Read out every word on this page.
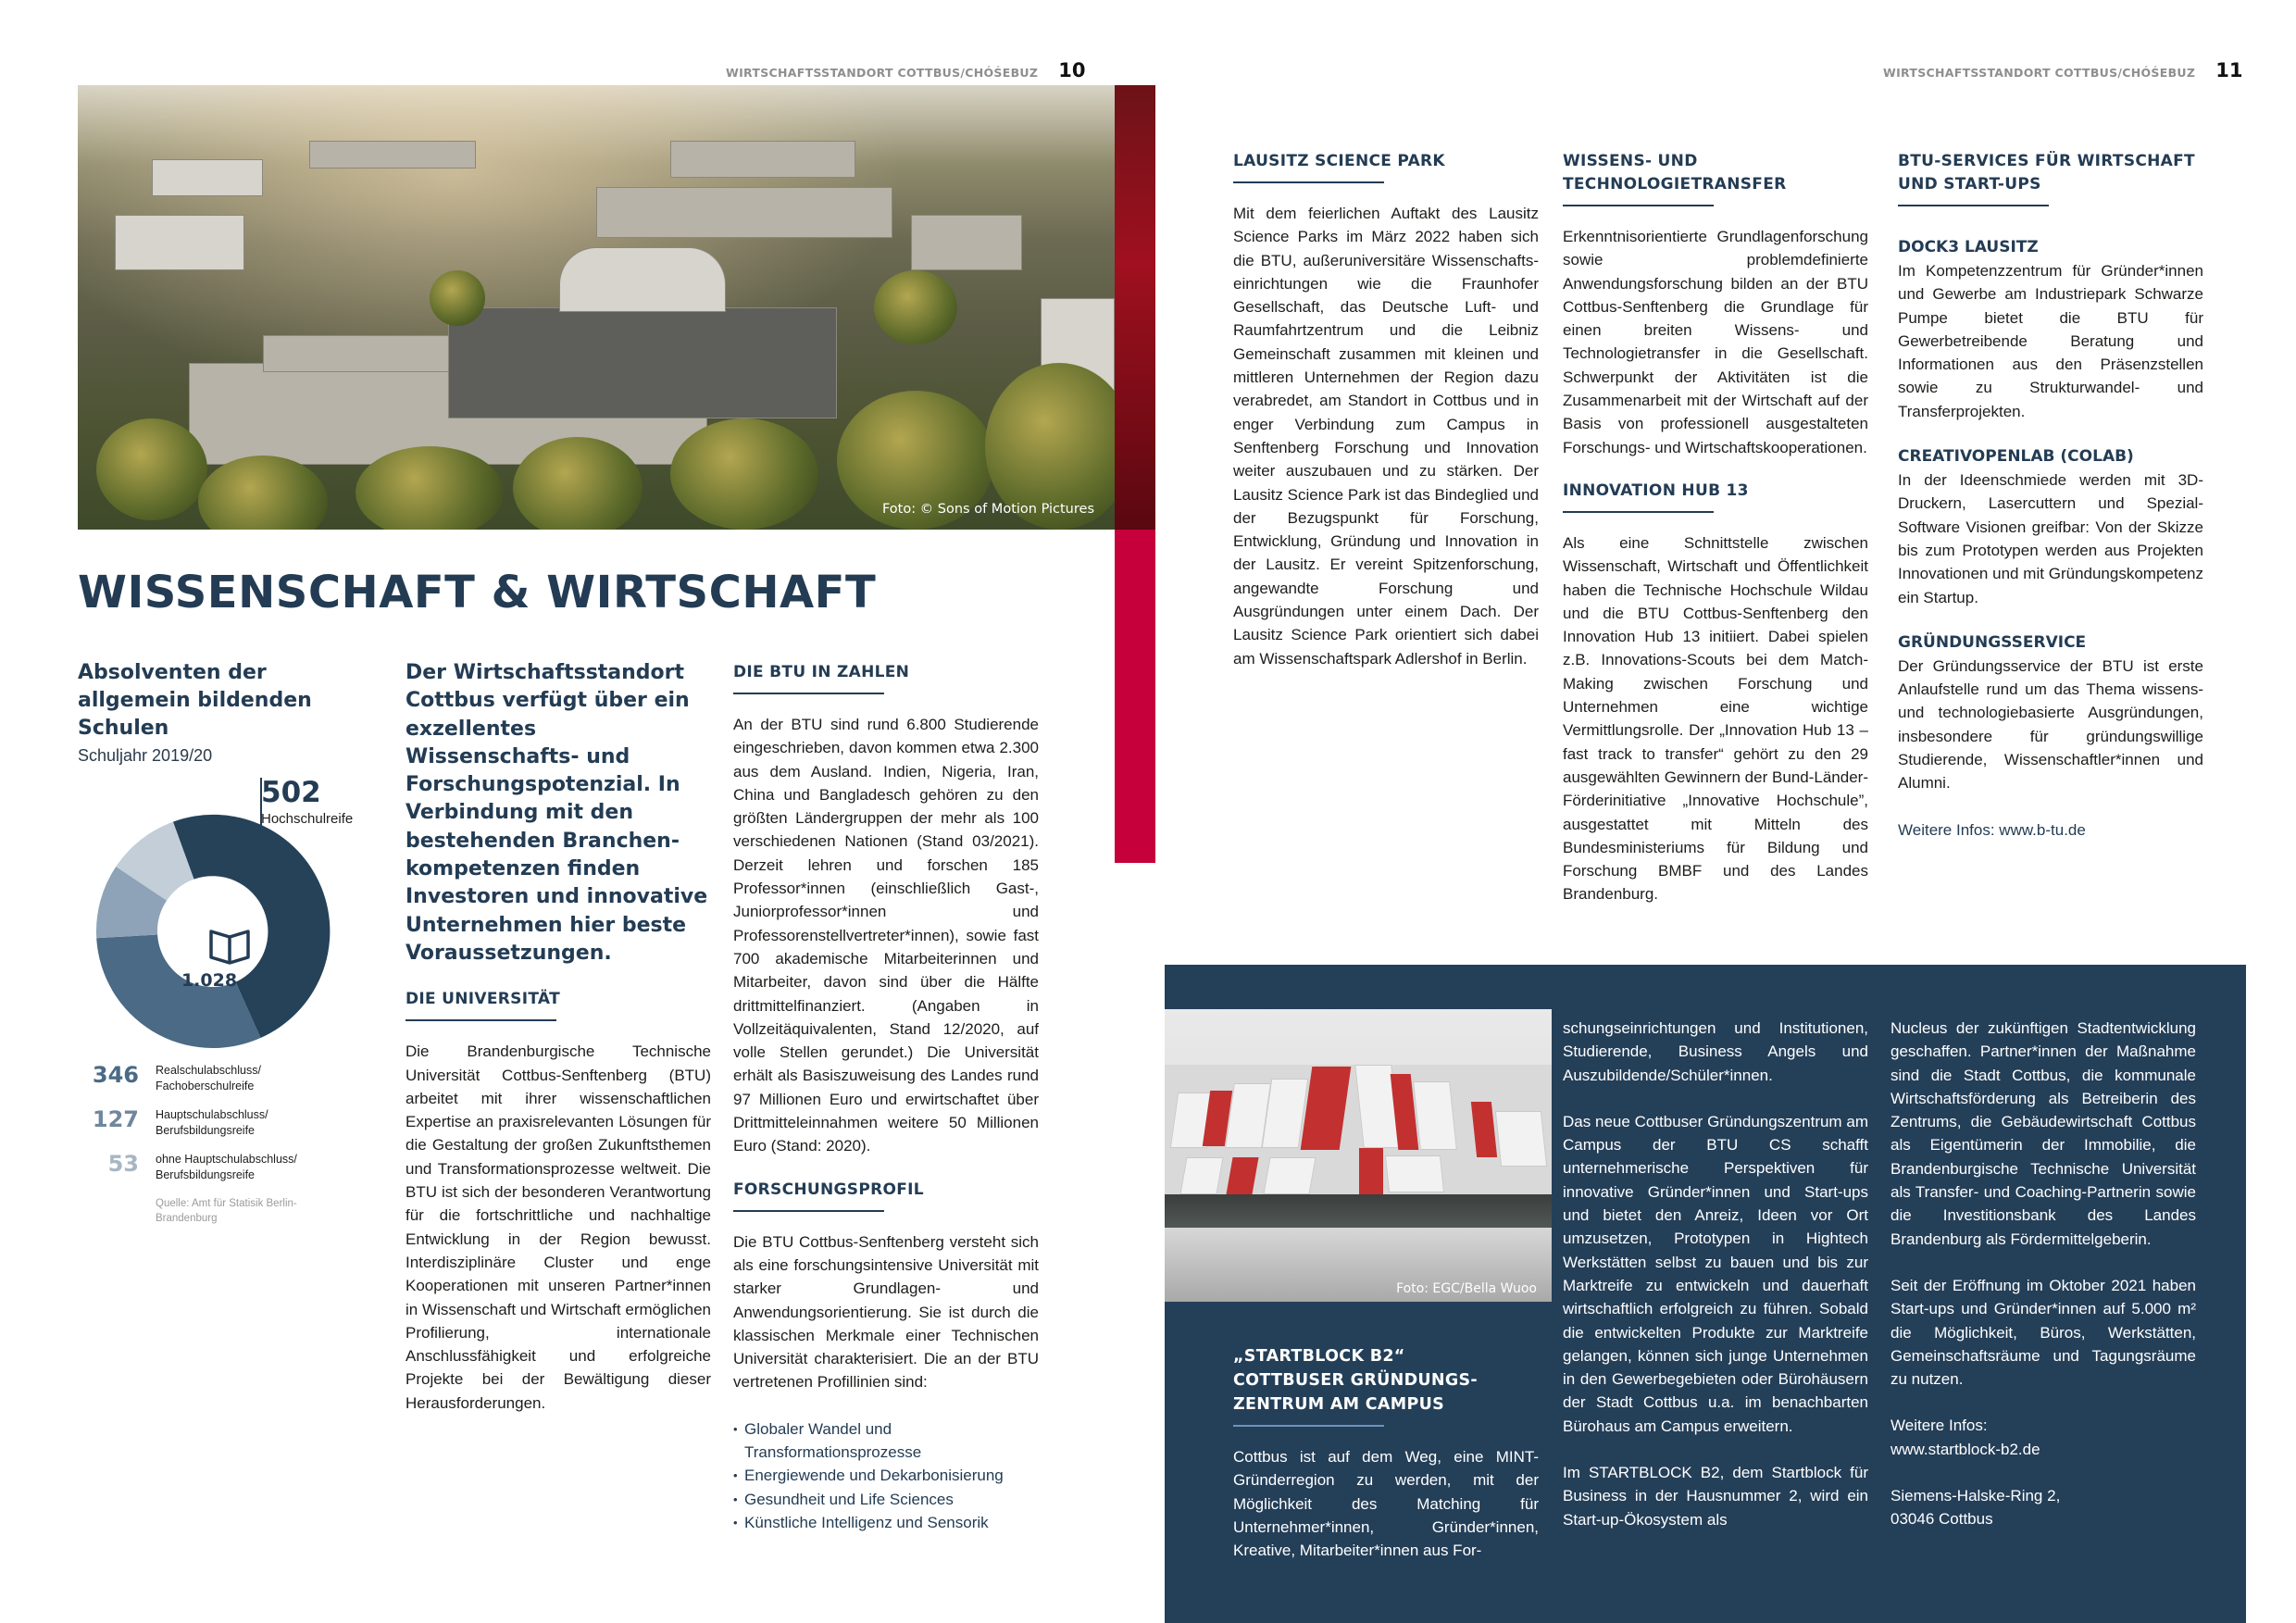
WIRTSCHAFTSSTANDORT COTTBUS/CHÓŚEBUZ 10
Foto: © Sons of Motion Pictures
WISSENSCHAFT & WIRTSCHAFT
Absolventen der allgemein bildenden Schulen
Schuljahr 2019/20
502
Hochschulreife
1.028
346	Realschulabschluss/
Fachoberschulreife
127	Hauptschulabschluss/
Berufsbildungsreife
53	ohne Hauptschulabschluss/
Berufsbildungsreife
Quelle: Amt für Statisik Berlin-
Brandenburg

Der Wirtschaftsstandort Cottbus verfügt über ein exzellentes Wissenschafts- und Forschungspotenzial. In Verbindung mit den bestehenden Branchenkompetenzen finden Investoren und innovative Unternehmen hier beste Voraussetzungen.

DIE UNIVERSITÄT

Die Brandenburgische Technische Universität Cottbus-Senftenberg (BTU) arbeitet mit ihrer wissenschaftlichen Expertise an praxisrelevanten Lösungen für die Gestaltung der großen Zukunftsthemen und Transformationsprozesse weltweit. Die BTU ist sich der besonderen Verantwortung für die fortschrittliche und nachhaltige Entwicklung in der Region bewusst. Interdisziplinäre Cluster und enge Kooperationen mit unseren Partner*innen in Wissenschaft und Wirtschaft ermöglichen Profilierung, internationale Anschlussfähigkeit und erfolgreiche Projekte bei der Bewältigung dieser Herausforderungen.

DIE BTU IN ZAHLEN

An der BTU sind rund 6.800 Studierende eingeschrieben, davon kommen etwa 2.300 aus dem Ausland. Indien, Nigeria, Iran, China und Bangladesch gehören zu den größten Ländergruppen der mehr als 100 verschiedenen Nationen (Stand 03/2021). Derzeit lehren und forschen 185 Professor*innen (einschließlich Gast-, Juniorprofessor*innen und Professorenstellvertreter*innen), sowie fast 700 akademische Mitarbeiterinnen und Mitarbeiter, davon sind über die Hälfte drittmittelfinanziert. (Angaben in Vollzeitäquivalenten, Stand 12/2020, auf volle Stellen gerundet.) Die Universität erhält als Basiszuweisung des Landes rund 97 Millionen Euro und erwirtschaftet über Drittmitteleinnahmen weitere 50 Millionen Euro (Stand: 2020).

FORSCHUNGSPROFIL

Die BTU Cottbus-Senftenberg versteht sich als eine forschungsintensive Universität mit starker Grundlagen- und Anwendungsorientierung. Sie ist durch die klassischen Merkmale einer Technischen Universität charakterisiert. Die an der BTU vertretenen Profillinien sind:

• Globaler Wandel und Transformationsprozesse
• Energiewende und Dekarbonisierung
• Gesundheit und Life Sciences
• Künstliche Intelligenz und Sensorik
WIRTSCHAFTSSTANDORT COTTBUS/CHÓŚEBUZ 11
LAUSITZ SCIENCE PARK

Mit dem feierlichen Auftakt des Lausitz Science Parks im März 2022 haben sich die BTU, außeruniversitäre Wissenschafts-einrichtungen wie die Fraunhofer Gesellschaft, das Deutsche Luft- und Raumfahrtzentrum und die Leibniz Gemeinschaft zusammen mit kleinen und mittleren Unternehmen der Region dazu verabredet, am Standort in Cottbus und in enger Verbindung zum Campus in Senftenberg Forschung und Innovation weiter auszubauen und zu stärken. Der Lausitz Science Park ist das Bindeglied und der Bezugspunkt für Forschung, Entwicklung, Gründung und Innovation in der Lausitz. Er vereint Spitzenforschung, angewandte Forschung und Ausgründungen unter einem Dach. Der Lausitz Science Park orientiert sich dabei am Wissenschaftspark Adlershof in Berlin.

WISSENS- UND
TECHNOLOGIETRANSFER

Erkenntnisorientierte Grundlagenforschung sowie problemdefinierte Anwendungsforschung bilden an der BTU Cottbus-Senftenberg die Grundlage für einen breiten Wissens- und Technologietransfer in die Gesellschaft. Schwerpunkt der Aktivitäten ist die Zusammenarbeit mit der Wirtschaft auf der Basis von professionell ausgestalteten Forschungs- und Wirtschaftskooperationen.

INNOVATION HUB 13

Als eine Schnittstelle zwischen Wissenschaft, Wirtschaft und Öffentlichkeit haben die Technische Hochschule Wildau und die BTU Cottbus-Senftenberg den Innovation Hub 13 initiiert. Dabei spielen z.B. Innovations-Scouts bei dem Match-Making zwischen Forschung und Unternehmen eine wichtige Vermittlungsrolle. Der „Innovation Hub 13 – fast track to transfer“ gehört zu den 29 ausgewählten Gewinnern der Bund-Länder-Förderinitiative „Innovative Hochschule”, ausgestattet mit Mitteln des Bundesministeriums für Bildung und Forschung BMBF und des Landes Brandenburg.

BTU-SERVICES FÜR WIRTSCHAFT
UND START-UPS
DOCK3 LAUSITZ

Im Kompetenzzentrum für Gründer*innen und Gewerbe am Industriepark Schwarze Pumpe bietet die BTU für Gewerbetreibende Beratung und Informationen aus den Präsenzstellen sowie zu Strukturwandel- und Transferprojekten.

CREATIVOPENLAB (COLAB)

In der Ideenschmiede werden mit 3D-Druckern, Lasercuttern und Spezial-Software Visionen greifbar: Von der Skizze bis zum Prototypen werden aus Projekten Innovationen und mit Gründungskompetenz ein Startup.

GRÜNDUNGSSERVICE

Der Gründungsservice der BTU ist erste Anlaufstelle rund um das Thema wissens- und technologiebasierte Ausgründungen, insbesondere für gründungswillige Studierende, Wissenschaftler*innen und Alumni.

Weitere Infos: www.b-tu.de

Foto: EGC/Bella Wuoo
„STARTBLOCK B2“
COTTBUSER GRÜNDUNGS-
ZENTRUM AM CAMPUS

Cottbus ist auf dem Weg, eine MINT-Gründerregion zu werden, mit der Möglichkeit des Matching für Unternehmer*innen, Gründer*innen, Kreative, Mitarbeiter*innen aus For-

schungseinrichtungen und Institutionen, Studierende, Business Angels und Auszubildende/Schüler*innen.

Das neue Cottbuser Gründungszentrum am Campus der BTU CS schafft unternehmerische Perspektiven für innovative Gründer*innen und Start-ups und bietet den Anreiz, Ideen vor Ort umzusetzen, Prototypen in Hightech Werkstätten selbst zu bauen und bis zur Marktreife zu entwickeln und dauerhaft wirtschaftlich erfolgreich zu führen. Sobald die entwickelten Produkte zur Marktreife gelangen, können sich junge Unternehmen in den Gewerbegebieten oder Bürohäusern der Stadt Cottbus u.a. im benachbarten Bürohaus am Campus erweitern.

Im STARTBLOCK B2, dem Startblock für Business in der Hausnummer 2, wird ein Start-up-Ökosystem als

Nucleus der zukünftigen Stadtentwicklung geschaffen. Partner*innen der Maßnahme sind die Stadt Cottbus, die kommunale Wirtschaftsförderung als Betreiberin des Zentrums, die Gebäudewirtschaft Cottbus als Eigentümerin der Immobilie, die Brandenburgische Technische Universität als Transfer- und Coaching-Partnerin sowie die Investitionsbank des Landes Brandenburg als Fördermittelgeberin.

Seit der Eröffnung im Oktober 2021 haben Start-ups und Gründer*innen auf 5.000 m² die Möglichkeit, Büros, Werkstätten, Gemeinschaftsräume und Tagungsräume zu nutzen.

Weitere Infos:
www.startblock-b2.de
Siemens-Halske-Ring 2,
03046 Cottbus
